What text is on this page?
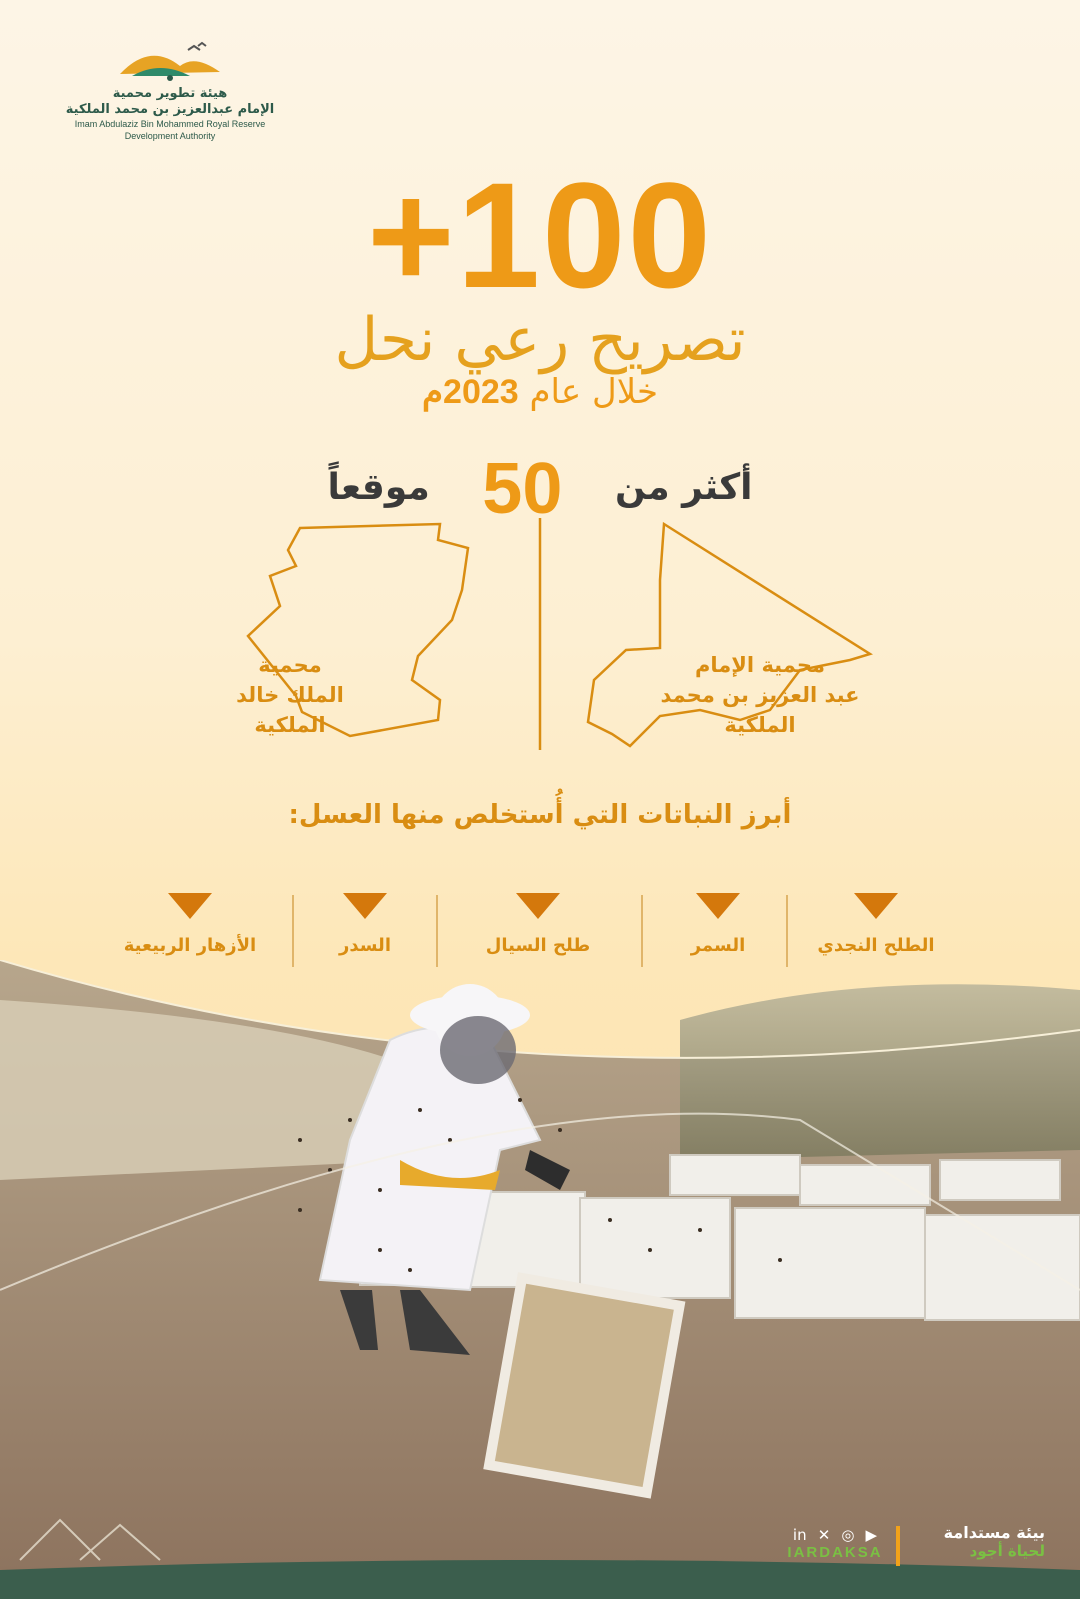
هيئة تطوير محمية
الإمام عبدالعزيز بن محمد الملكية
Imam Abdulaziz Bin Mohammed Royal Reserve
Development Authority
+100
تصريح رعي نحل
خلال عام 2023م
أكثر من 50 موقعاً
محمية الإمام
عبد العزيز بن محمد
الملكية
محمية
الملك خالد
الملكية
أبرز النباتات التي أُستخلص منها العسل:
الطلح النجدي
السمر
طلح السيال
السدر
الأزهار الربيعية
in ✕ ◎ ▶
IARDAKSA
بيئة مستدامة
لحياة أجود
